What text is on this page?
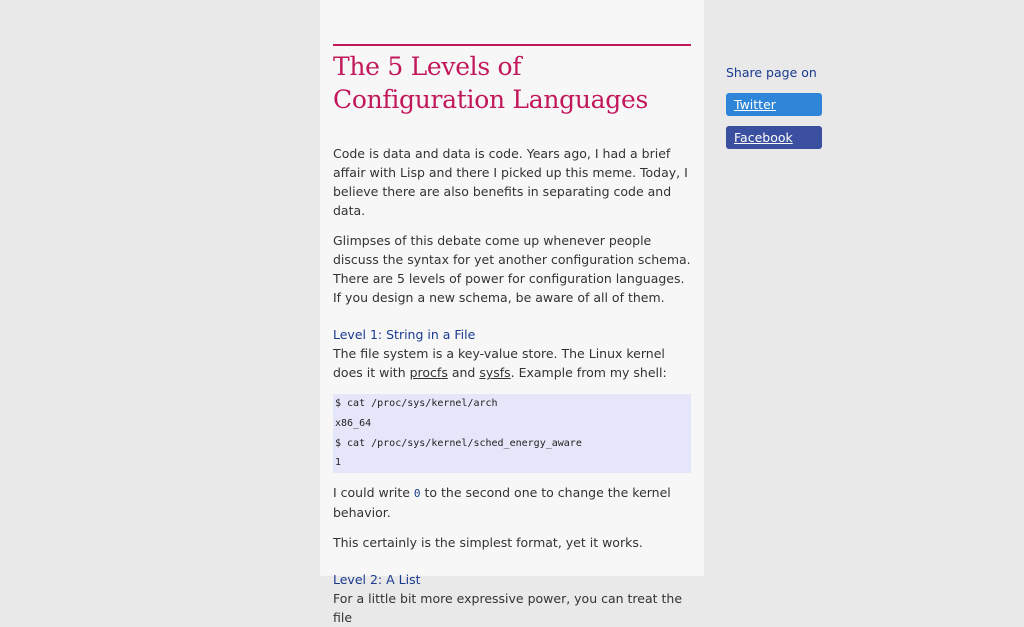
The 5 Levels of Configuration Languages

Code is data and data is code. Years ago, I had a brief affair with Lisp and there I picked up this meme. Today, I believe there are also benefits in separating code and data.

Glimpses of this debate come up whenever people discuss the syntax for yet another configuration schema. There are 5 levels of power for configuration languages. If you design a new schema, be aware of all of them.

Level 1: String in a File

The file system is a key-value store. The Linux kernel does it with procfs and sysfs. Example from my shell:

$ cat /proc/sys/kernel/arch
x86_64
$ cat /proc/sys/kernel/sched_energy_aware
1

I could write 0 to the second one to change the kernel behavior.

This certainly is the simplest format, yet it works.

Level 2: A List

For a little bit more expressive power, you can treat the file

Share page on
Twitter
Facebook
